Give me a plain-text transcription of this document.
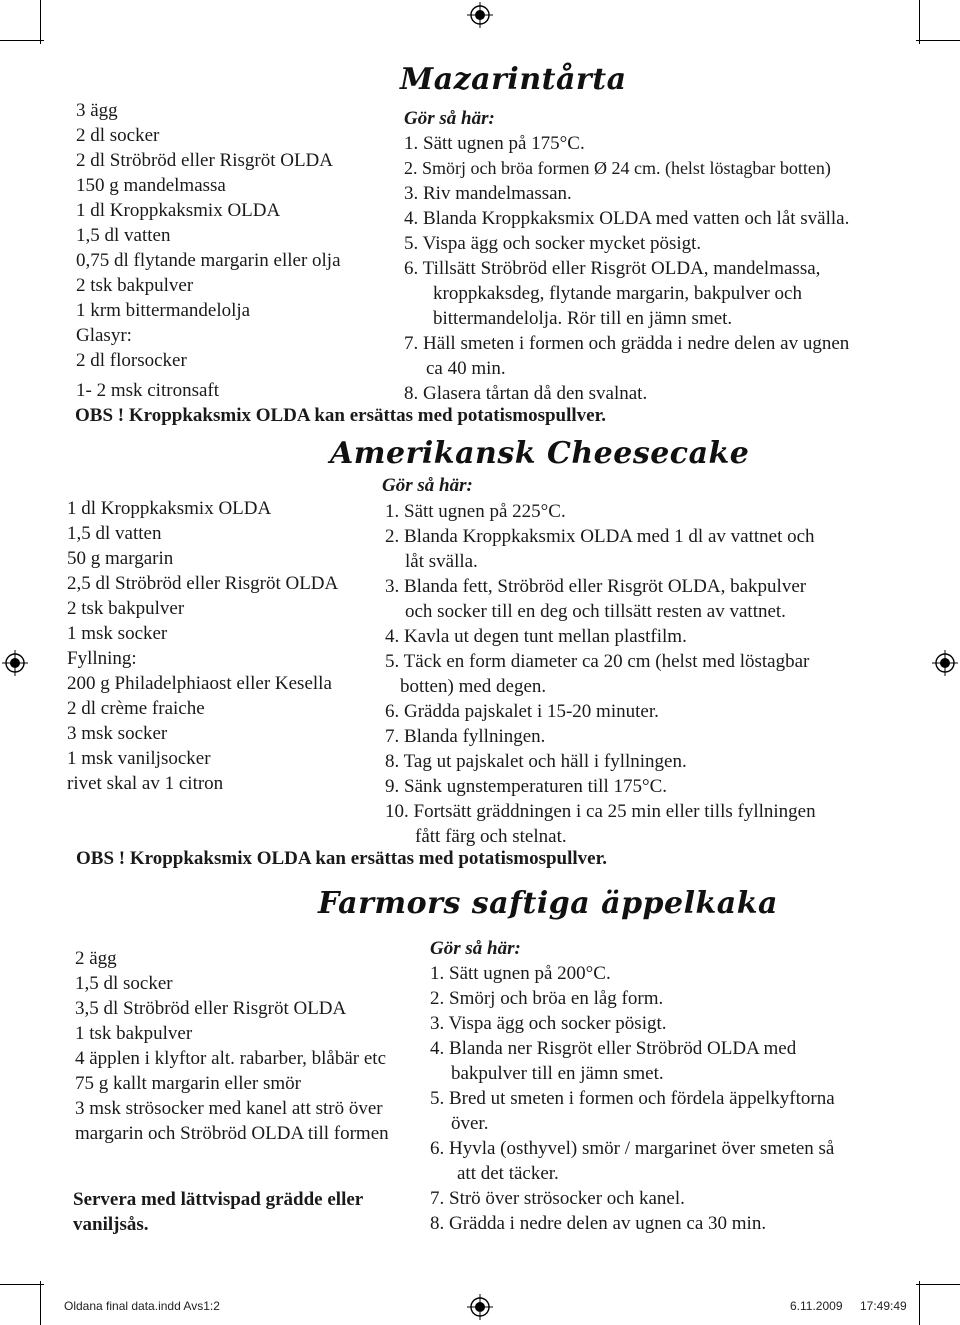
Mazarintårta
3 ägg
2 dl socker
2 dl Ströbröd eller Risgröt OLDA
150 g mandelmassa
1 dl Kroppkaksmix OLDA
1,5 dl vatten
0,75 dl flytande margarin eller olja
2 tsk bakpulver
1 krm bittermandelolja
Glasyr:
2 dl florsocker
1- 2 msk citronsaft
Gör så här:
1. Sätt ugnen på 175°C.
2. Smörj och bröa formen Ø 24 cm. (helst löstagbar botten)
3. Riv mandelmassan.
4. Blanda Kroppkaksmix OLDA med vatten och låt svälla.
5. Vispa ägg och socker mycket pösigt.
6. Tillsätt Ströbröd eller Risgröt OLDA, mandelmassa,
kroppkaksdeg, flytande margarin, bakpulver och
bittermandelolja. Rör till en jämn smet.
7. Häll smeten i formen och grädda i nedre delen av ugnen
ca 40 min.
8. Glasera tårtan då den svalnat.
OBS ! Kroppkaksmix OLDA kan ersättas med potatismospullver.
Amerikansk Cheesecake
Gör så här:
1 dl Kroppkaksmix OLDA
1,5 dl vatten
50 g margarin
2,5 dl Ströbröd eller Risgröt OLDA
2 tsk bakpulver
1 msk socker
Fyllning:
200 g Philadelphiaost eller Kesella
2 dl crème fraiche
3 msk socker
1 msk vaniljsocker
rivet skal av 1 citron
1. Sätt ugnen på 225°C.
2. Blanda Kroppkaksmix OLDA med 1 dl av vattnet och
låt svälla.
3. Blanda fett, Ströbröd eller Risgröt OLDA, bakpulver
och socker till en deg och tillsätt resten av vattnet.
4. Kavla ut degen tunt mellan plastfilm.
5. Täck en form diameter ca 20 cm (helst med löstagbar
botten) med degen.
6. Grädda pajskalet i 15-20 minuter.
7. Blanda fyllningen.
8. Tag ut pajskalet och häll i fyllningen.
9. Sänk ugnstemperaturen till 175°C.
10. Fortsätt gräddningen i ca 25 min eller tills fyllningen
fått färg och stelnat.
OBS ! Kroppkaksmix OLDA kan ersättas med potatismospullver.
Farmors saftiga äppelkaka
2 ägg
1,5 dl socker
3,5 dl Ströbröd eller Risgröt OLDA
1 tsk bakpulver
4 äpplen i klyftor alt. rabarber, blåbär etc
75 g kallt margarin eller smör
3 msk strösocker med kanel att strö över
margarin och Ströbröd OLDA till formen
Servera med lättvispad grädde eller
vaniljsås.
Gör så här:
1. Sätt ugnen på 200°C.
2. Smörj och bröa en låg form.
3. Vispa ägg och socker pösigt.
4. Blanda ner Risgröt eller Ströbröd OLDA med
bakpulver till en jämn smet.
5. Bred ut smeten i formen och fördela äppelkyftorna
över.
6. Hyvla (osthyvel) smör / margarinet över smeten så
att det täcker.
7. Strö över strösocker och kanel.
8. Grädda i nedre delen av ugnen ca 30 min.
Oldana final data.indd Avs1:2	6.11.2009 17:49:49
